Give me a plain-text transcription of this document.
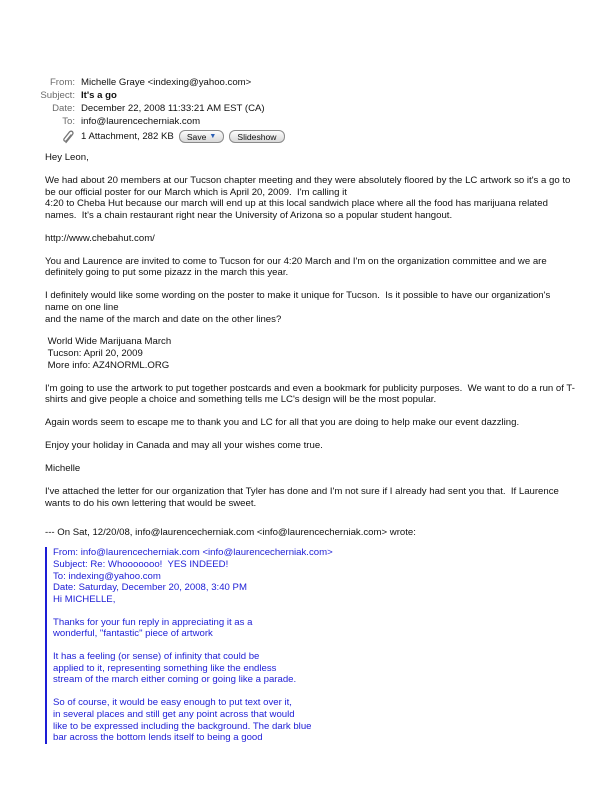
From: Michelle Graye <indexing@yahoo.com>
Subject: It's a go
Date: December 22, 2008 11:33:21 AM EST (CA)
To: info@laurencecherniak.com
1 Attachment, 282 KB Save ▼ Slideshow
Hey Leon,
We had about 20 members at our Tucson chapter meeting and they were absolutely floored by the LC artwork so it's a go to
be our official poster for our March which is April 20, 2009.  I'm calling it
4:20 to Cheba Hut because our march will end up at this local sandwich place where all the food has marijuana related
names.  It's a chain restaurant right near the University of Arizona so a popular student hangout.
http://www.chebahut.com/
You and Laurence are invited to come to Tucson for our 4:20 March and I'm on the organization committee and we are
definitely going to put some pizazz in the march this year.
I definitely would like some wording on the poster to make it unique for Tucson.  Is it possible to have our organization's
name on one line
and the name of the march and date on the other lines?
World Wide Marijuana March
Tucson: April 20, 2009
More info: AZ4NORML.ORG
I'm going to use the artwork to put together postcards and even a bookmark for publicity purposes.  We want to do a run of T-
shirts and give people a choice and something tells me LC's design will be the most popular.
Again words seem to escape me to thank you and LC for all that you are doing to help make our event dazzling.
Enjoy your holiday in Canada and may all your wishes come true.
Michelle
I've attached the letter for our organization that Tyler has done and I'm not sure if I already had sent you that.  If Laurence
wants to do his own lettering that would be sweet.
--- On Sat, 12/20/08, info@laurencecherniak.com <info@laurencecherniak.com> wrote:
From: info@laurencecherniak.com <info@laurencecherniak.com>
Subject: Re: Whooooooo!  YES INDEED!
To: indexing@yahoo.com
Date: Saturday, December 20, 2008, 3:40 PM
Hi MICHELLE,
Thanks for your fun reply in appreciating it as a
wonderful, "fantastic" piece of artwork
It has a feeling (or sense) of infinity that could be
applied to it, representing something like the endless
stream of the march either coming or going like a parade.
So of course, it would be easy enough to put text over it,
in several places and still get any point across that would
like to be expressed including the background. The dark blue
bar across the bottom lends itself to being a good
